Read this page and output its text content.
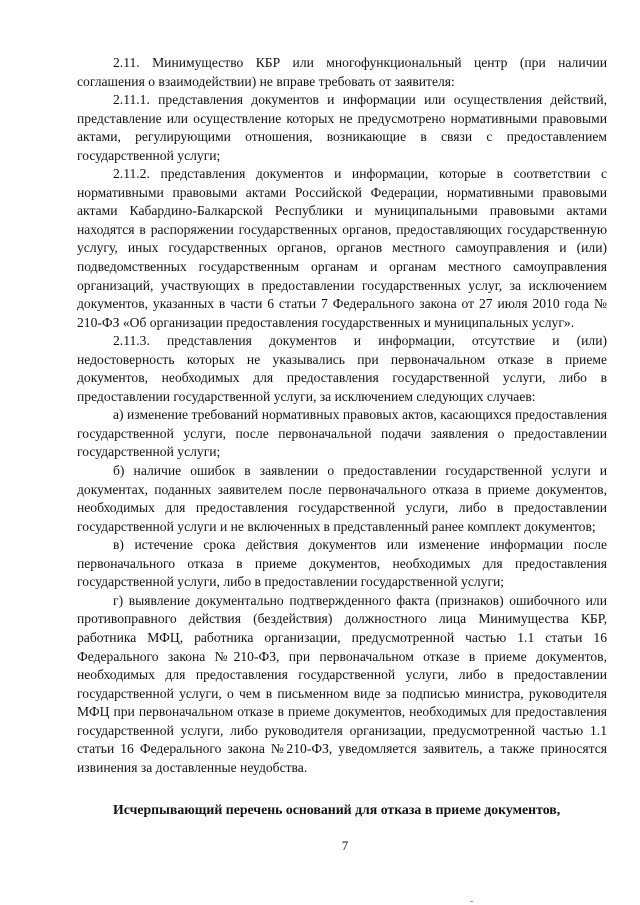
2.11. Минимущество КБР или многофункциональный центр (при наличии соглашения о взаимодействии) не вправе требовать от заявителя:

2.11.1. представления документов и информации или осуществления действий, представление или осуществление которых не предусмотрено нормативными правовыми актами, регулирующими отношения, возникающие в связи с предоставлением государственной услуги;

2.11.2. представления документов и информации, которые в соответствии с нормативными правовыми актами Российской Федерации, нормативными правовыми актами Кабардино-Балкарской Республики и муниципальными правовыми актами находятся в распоряжении государственных органов, предоставляющих государственную услугу, иных государственных органов, органов местного самоуправления и (или) подведомственных государственным органам и органам местного самоуправления организаций, участвующих в предоставлении государственных услуг, за исключением документов, указанных в части 6 статьи 7 Федерального закона от 27 июля 2010 года № 210-ФЗ «Об организации предоставления государственных и муниципальных услуг».

2.11.3. представления документов и информации, отсутствие и (или) недостоверность которых не указывались при первоначальном отказе в приеме документов, необходимых для предоставления государственной услуги, либо в предоставлении государственной услуги, за исключением следующих случаев:

а) изменение требований нормативных правовых актов, касающихся предоставления государственной услуги, после первоначальной подачи заявления о предоставлении государственной услуги;

б) наличие ошибок в заявлении о предоставлении государственной услуги и документах, поданных заявителем после первоначального отказа в приеме документов, необходимых для предоставления государственной услуги, либо в предоставлении государственной услуги и не включенных в представленный ранее комплект документов;

в) истечение срока действия документов или изменение информации после первоначального отказа в приеме документов, необходимых для предоставления государственной услуги, либо в предоставлении государственной услуги;

г) выявление документально подтвержденного факта (признаков) ошибочного или противоправного действия (бездействия) должностного лица Минимущества КБР, работника МФЦ, работника организации, предусмотренной частью 1.1 статьи 16 Федерального закона №210-ФЗ, при первоначальном отказе в приеме документов, необходимых для предоставления государственной услуги, либо в предоставлении государственной услуги, о чем в письменном виде за подписью министра, руководителя МФЦ при первоначальном отказе в приеме документов, необходимых для предоставления государственной услуги, либо руководителя организации, предусмотренной частью 1.1 статьи 16 Федерального закона №210-ФЗ, уведомляется заявитель, а также приносятся извинения за доставленные неудобства.

Исчерпывающий перечень оснований для отказа в приеме документов,
7
